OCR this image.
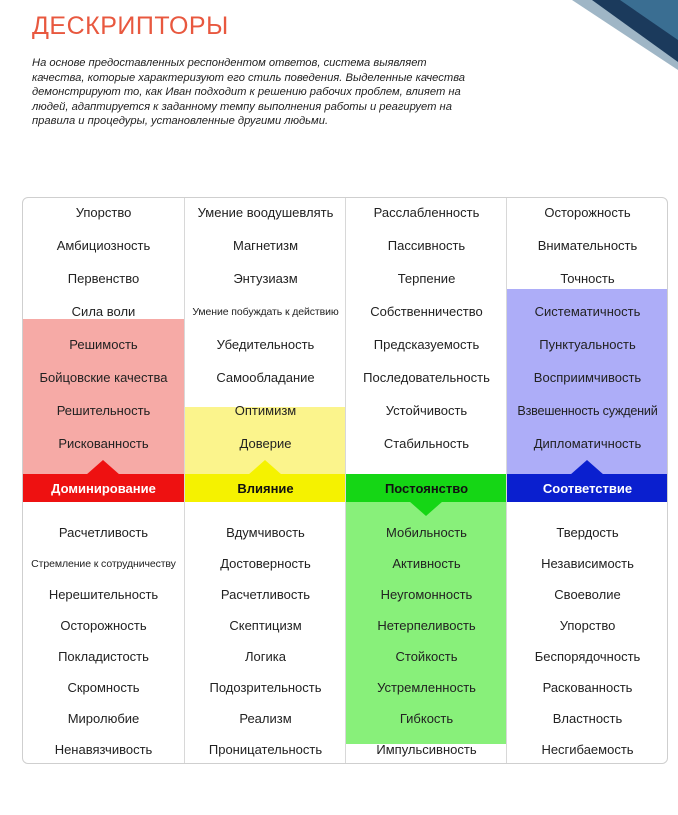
ДЕСКРИПТОРЫ
На основе предоставленных респондентом ответов, система выявляет качества, которые характеризуют его стиль поведения. Выделенные качества демонстрируют то, как Иван подходит к решению рабочих проблем, влияет на людей, адаптируется к заданному темпу выполнения работы и реагирует на правила и процедуры, установленные другими людьми.
Упорство
Амбициозность
Первенство
Сила воли
Решимость
Бойцовские качества
Решительность
Рискованность
Доминирование
Расчетливость
Стремление к сотрудничеству
Нерешительность
Осторожность
Покладистость
Скромность
Миролюбие
Ненавязчивость
Умение воодушевлять
Магнетизм
Энтузиазм
Умение побуждать к действию
Убедительность
Самообладание
Оптимизм
Доверие
Влияние
Вдумчивость
Достоверность
Расчетливость
Скептицизм
Логика
Подозрительность
Реализм
Проницательность
Расслабленность
Пассивность
Терпение
Собственничество
Предсказуемость
Последовательность
Устойчивость
Стабильность
Постоянство
Мобильность
Активность
Неугомонность
Нетерпеливость
Стойкость
Устремленность
Гибкость
Импульсивность
Осторожность
Внимательность
Точность
Систематичность
Пунктуальность
Восприимчивость
Взвешенность суждений
Дипломатичность
Соответствие
Твердость
Независимость
Своеволие
Упорство
Беспорядочность
Раскованность
Властность
Несгибаемость
